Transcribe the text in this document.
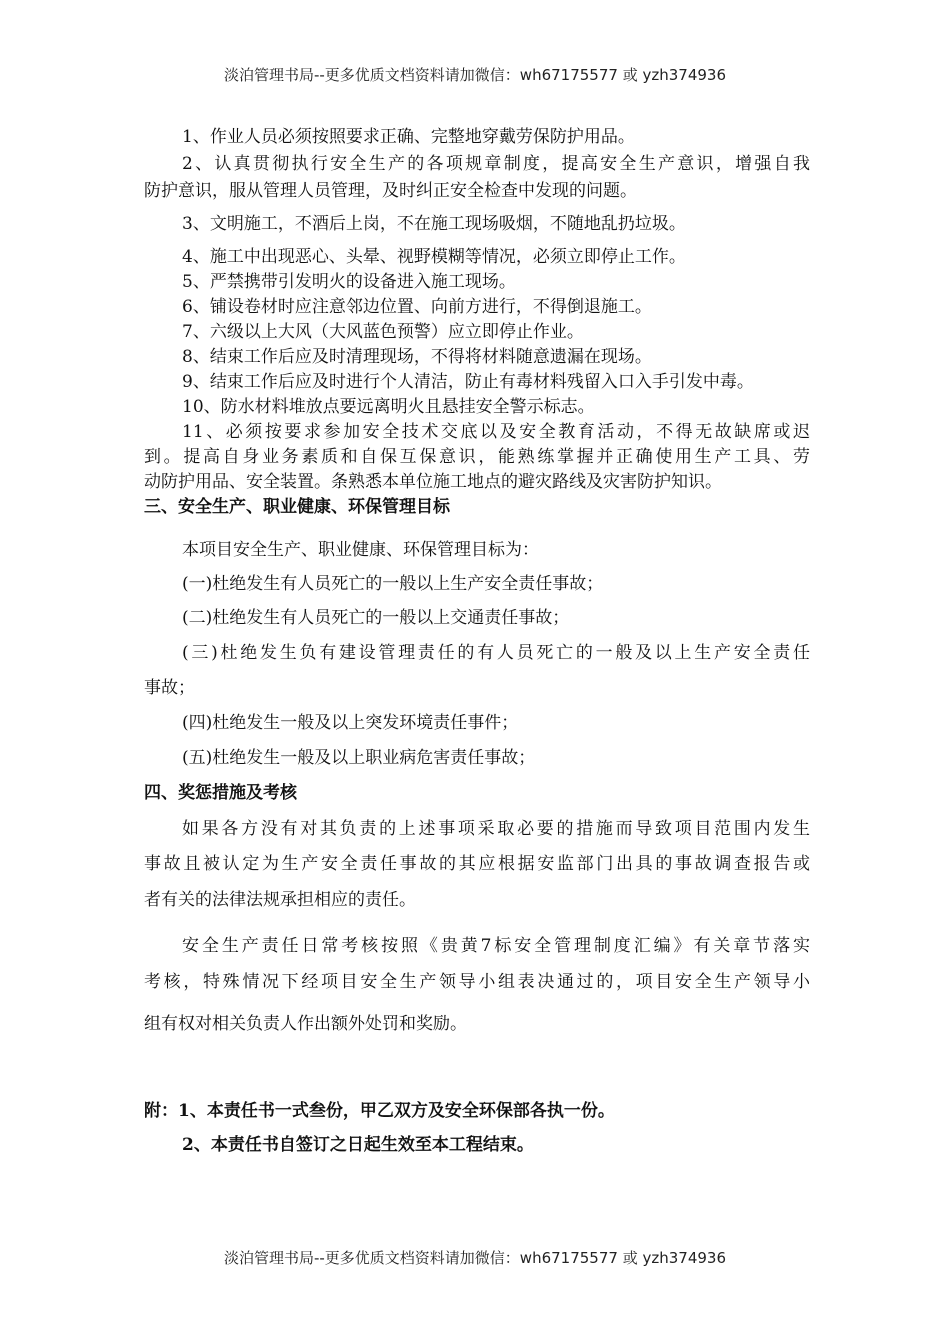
淡泊管理书局--更多优质文档资料请加微信：wh67175577 或 yzh374936
1、作业人员必须按照要求正确、完整地穿戴劳保防护用品。
2、认真贯彻执行安全生产的各项规章制度，提高安全生产意识，增强自我
防护意识，服从管理人员管理，及时纠正安全检查中发现的问题。
3、文明施工，不酒后上岗，不在施工现场吸烟，不随地乱扔垃圾。
4、施工中出现恶心、头晕、视野模糊等情况，必须立即停止工作。
5、严禁携带引发明火的设备进入施工现场。
6、铺设卷材时应注意邻边位置、向前方进行，不得倒退施工。
7、六级以上大风（大风蓝色预警）应立即停止作业。
8、结束工作后应及时清理现场，不得将材料随意遗漏在现场。
9、结束工作后应及时进行个人清洁，防止有毒材料残留入口入手引发中毒。
10、防水材料堆放点要远离明火且悬挂安全警示标志。
11、必须按要求参加安全技术交底以及安全教育活动，不得无故缺席或迟
到。提高自身业务素质和自保互保意识，能熟练掌握并正确使用生产工具、劳
动防护用品、安全装置。条熟悉本单位施工地点的避灾路线及灾害防护知识。
三、安全生产、职业健康、环保管理目标
本项目安全生产、职业健康、环保管理目标为：
(一)杜绝发生有人员死亡的一般以上生产安全责任事故；
(二)杜绝发生有人员死亡的一般以上交通责任事故；
(三)杜绝发生负有建设管理责任的有人员死亡的一般及以上生产安全责任
事故；
(四)杜绝发生一般及以上突发环境责任事件；
(五)杜绝发生一般及以上职业病危害责任事故；
四、奖惩措施及考核
如果各方没有对其负责的上述事项采取必要的措施而导致项目范围内发生
事故且被认定为生产安全责任事故的其应根据安监部门出具的事故调查报告或
者有关的法律法规承担相应的责任。
安全生产责任日常考核按照《贵黄7标安全管理制度汇编》有关章节落实
考核，特殊情况下经项目安全生产领导小组表决通过的，项目安全生产领导小
组有权对相关负责人作出额外处罚和奖励。
附：1、本责任书一式叁份，甲乙双方及安全环保部各执一份。
2、本责任书自签订之日起生效至本工程结束。
淡泊管理书局--更多优质文档资料请加微信：wh67175577 或 yzh374936
